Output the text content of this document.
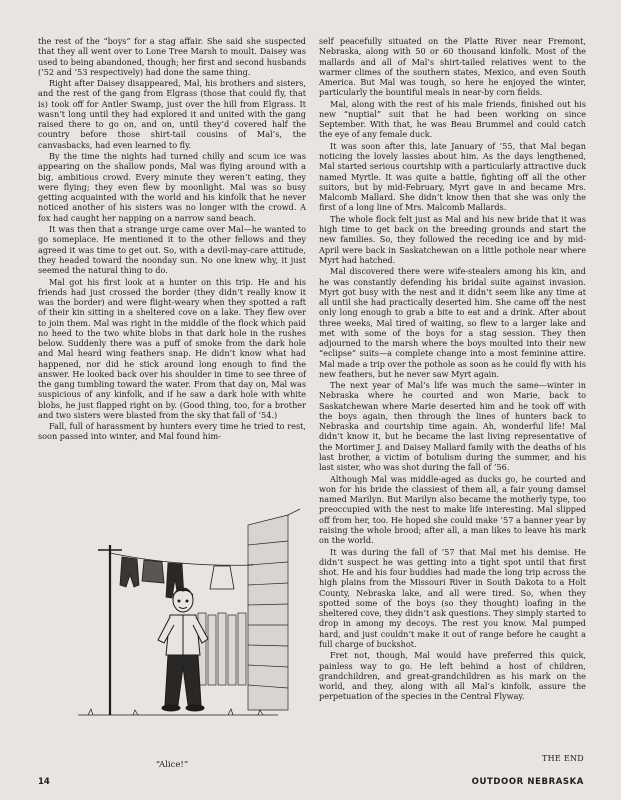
the rest of the “boys” for a stag affair. She said she suspected that they all went over to Lone Tree Marsh to moult. Daisey was used to being abandoned, though; her first and second husbands (’52 and ’53 respectively) had done the same thing.

Right after Daisey disappeared, Mal, his brothers and sisters, and the rest of the gang from Elgrass (those that could fly, that is) took off for Antler Swamp, just over the hill from Elgrass. It wasn’t long until they had explored it and united with the gang raised there to go on, and on, until they’d covered half the country before those shirt-tail cousins of Mal’s, the canvasbacks, had even learned to fly.

By the time the nights had turned chilly and scum ice was appearing on the shallow ponds, Mal was flying around with a big, ambitious crowd. Every minute they weren’t eating, they were flying; they even flew by moonlight. Mal was so busy getting acquainted with the world and his kinfolk that he never noticed another of his sisters was no longer with the crowd. A fox had caught her napping on a narrow sand beach.

It was then that a strange urge came over Mal—he wanted to go someplace. He mentioned it to the other fellows and they agreed it was time to get out. So, with a devil-may-care attitude, they headed toward the noonday sun. No one knew why, it just seemed the natural thing to do.

Mal got his first look at a hunter on this trip. He and his friends had just crossed the border (they didn’t really know it was the border) and were flight-weary when they spotted a raft of their kin sitting in a sheltered cove on a lake. They flew over to join them. Mal was right in the middle of the flock which paid no heed to the two white blobs in that dark hole in the rushes below. Suddenly there was a puff of smoke from the dark hole and Mal heard wing feathers snap. He didn’t know what had happened, nor did he stick around long enough to find the answer. He looked back over his shoulder in time to see three of the gang tumbling toward the water. From that day on, Mal was suspicious of any kinfolk, and if he saw a dark hole with white blobs, he just flapped right on by. (Good thing, too, for a brother and two sisters were blasted from the sky that fall of ’54.)

Fall, full of harassment by hunters every time he tried to rest, soon passed into winter, and Mal found him-

“Alice!”

self peacefully situated on the Platte River near Fremont, Nebraska, along with 50 or 60 thousand kinfolk. Most of the mallards and all of Mal’s shirt-tailed relatives went to the warmer climes of the southern states, Mexico, and even South America. But Mal was tough, so here he enjoyed the winter, particularly the bountiful meals in near-by corn fields.

Mal, along with the rest of his male friends, finished out his new “nuptial” suit that he had been working on since September. With that, he was Beau Brummel and could catch the eye of any female duck.

It was soon after this, late January of ’55, that Mal began noticing the lovely lassies about him. As the days lengthened, Mal started serious courtship with a particularly attractive duck named Myrtle. It was quite a battle, fighting off all the other suitors, but by mid-February, Myrt gave in and became Mrs. Malcomb Mallard. She didn’t know then that she was only the first of a long line of Mrs. Malcomb Mallards.

The whole flock felt just as Mal and his new bride that it was high time to get back on the breeding grounds and start the new families. So, they followed the receding ice and by mid-April were back in Saskatchewan on a little pothole near where Myrt had hatched.

Mal discovered there were wife-stealers among his kin, and he was constantly defending his bridal suite against invasion. Myrt got busy with the nest and it didn’t seem like any time at all until she had practically deserted him. She came off the nest only long enough to grab a bite to eat and a drink. After about three weeks, Mal tired of waiting, so flew to a larger lake and met with some of the boys for a stag session. They then adjourned to the marsh where the boys moulted into their new “eclipse” suits—a complete change into a most feminine attire. Mal made a trip over the pothole as soon as he could fly with his new feathers, but he never saw Myrt again.

The next year of Mal’s life was much the same—winter in Nebraska where he courted and won Marie, back to Saskatchewan where Marie deserted him and he took off with the boys again, then through the lines of hunters back to Nebraska and courtship time again. Ah, wonderful life! Mal didn’t know it, but he became the last living representative of the Mortimer J. and Daisey Mallard family with the deaths of his last brother, a victim of botulism during the summer, and his last sister, who was shot during the fall of ’56.

Although Mal was middle-aged as ducks go, he courted and won for his bride the classiest of them all, a fair young damsel named Marilyn. But Marilyn also became the motherly type, too preoccupied with the nest to make life interesting. Mal slipped off from her, too. He hoped she could make ’57 a banner year by raising the whole brood; after all, a man likes to leave his mark on the world.

It was during the fall of ’57 that Mal met his demise. He didn’t suspect he was getting into a tight spot until that first shot. He and his four buddies had made the long trip across the high plains from the Missouri River in South Dakota to a Holt County, Nebraska lake, and all were tired. So, when they spotted some of the boys (so they thought) loafing in the sheltered cove, they didn’t ask questions. They simply started to drop in among my decoys. The rest you know. Mal pumped hard, and just couldn’t make it out of range before he caught a full charge of buckshot.

Fret not, though, Mal would have preferred this quick, painless way to go. He left behind a host of children, grandchildren, and great-grandchildren as his mark on the world, and they, along with all Mal’s kinfolk, assure the perpetuation of the species in the Central Flyway.

THE END
14	OUTDOOR NEBRASKA
